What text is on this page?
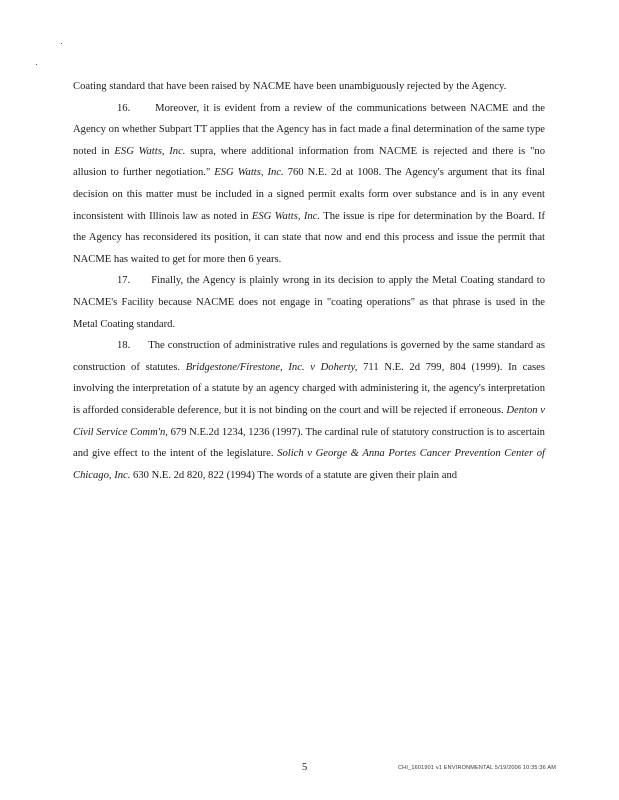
Coating standard that have been raised by NACME have been unambiguously rejected by the Agency.

16. Moreover, it is evident from a review of the communications between NACME and the Agency on whether Subpart TT applies that the Agency has in fact made a final determination of the same type noted in ESG Watts, Inc. supra, where additional information from NACME is rejected and there is "no allusion to further negotiation." ESG Watts, Inc. 760 N.E. 2d at 1008. The Agency's argument that its final decision on this matter must be included in a signed permit exalts form over substance and is in any event inconsistent with Illinois law as noted in ESG Watts, Inc. The issue is ripe for determination by the Board. If the Agency has reconsidered its position, it can state that now and end this process and issue the permit that NACME has waited to get for more then 6 years.

17. Finally, the Agency is plainly wrong in its decision to apply the Metal Coating standard to NACME's Facility because NACME does not engage in "coating operations" as that phrase is used in the Metal Coating standard.

18. The construction of administrative rules and regulations is governed by the same standard as construction of statutes. Bridgestone/Firestone, Inc. v Doherty, 711 N.E. 2d 799, 804 (1999). In cases involving the interpretation of a statute by an agency charged with administering it, the agency's interpretation is afforded considerable deference, but it is not binding on the court and will be rejected if erroneous. Denton v Civil Service Comm'n, 679 N.E.2d 1234, 1236 (1997). The cardinal rule of statutory construction is to ascertain and give effect to the intent of the legislature. Solich v George & Anna Portes Cancer Prevention Center of Chicago, Inc. 630 N.E. 2d 820, 822 (1994) The words of a statute are given their plain and

5	CHI_1601901 v1 ENVIRONMENTAL 5/19/2006 10:35:36 AM
